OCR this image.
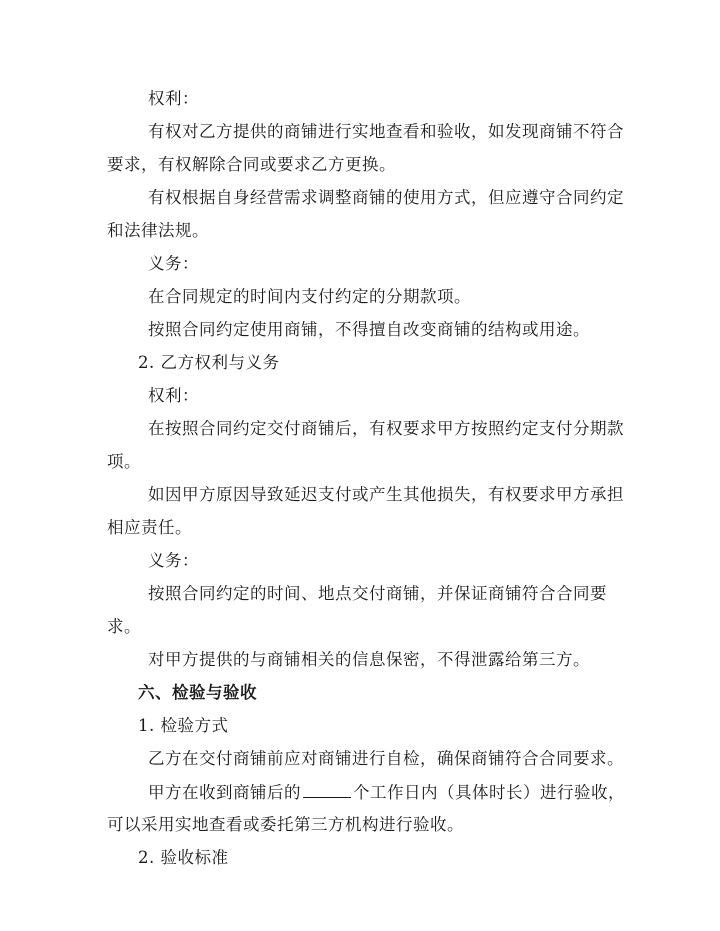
权利：
有权对乙方提供的商铺进行实地查看和验收，如发现商铺不符合
要求，有权解除合同或要求乙方更换。
有权根据自身经营需求调整商铺的使用方式，但应遵守合同约定
和法律法规。
义务：
在合同规定的时间内支付约定的分期款项。
按照合同约定使用商铺，不得擅自改变商铺的结构或用途。
2. 乙方权利与义务
权利：
在按照合同约定交付商铺后，有权要求甲方按照约定支付分期款
项。
如因甲方原因导致延迟支付或产生其他损失，有权要求甲方承担
相应责任。
义务：
按照合同约定的时间、地点交付商铺，并保证商铺符合合同要
求。
对甲方提供的与商铺相关的信息保密，不得泄露给第三方。
六、检验与验收
1. 检验方式
乙方在交付商铺前应对商铺进行自检，确保商铺符合合同要求。
甲方在收到商铺后的	个工作日内（具体时长）进行验收，
可以采用实地查看或委托第三方机构进行验收。
2. 验收标准
